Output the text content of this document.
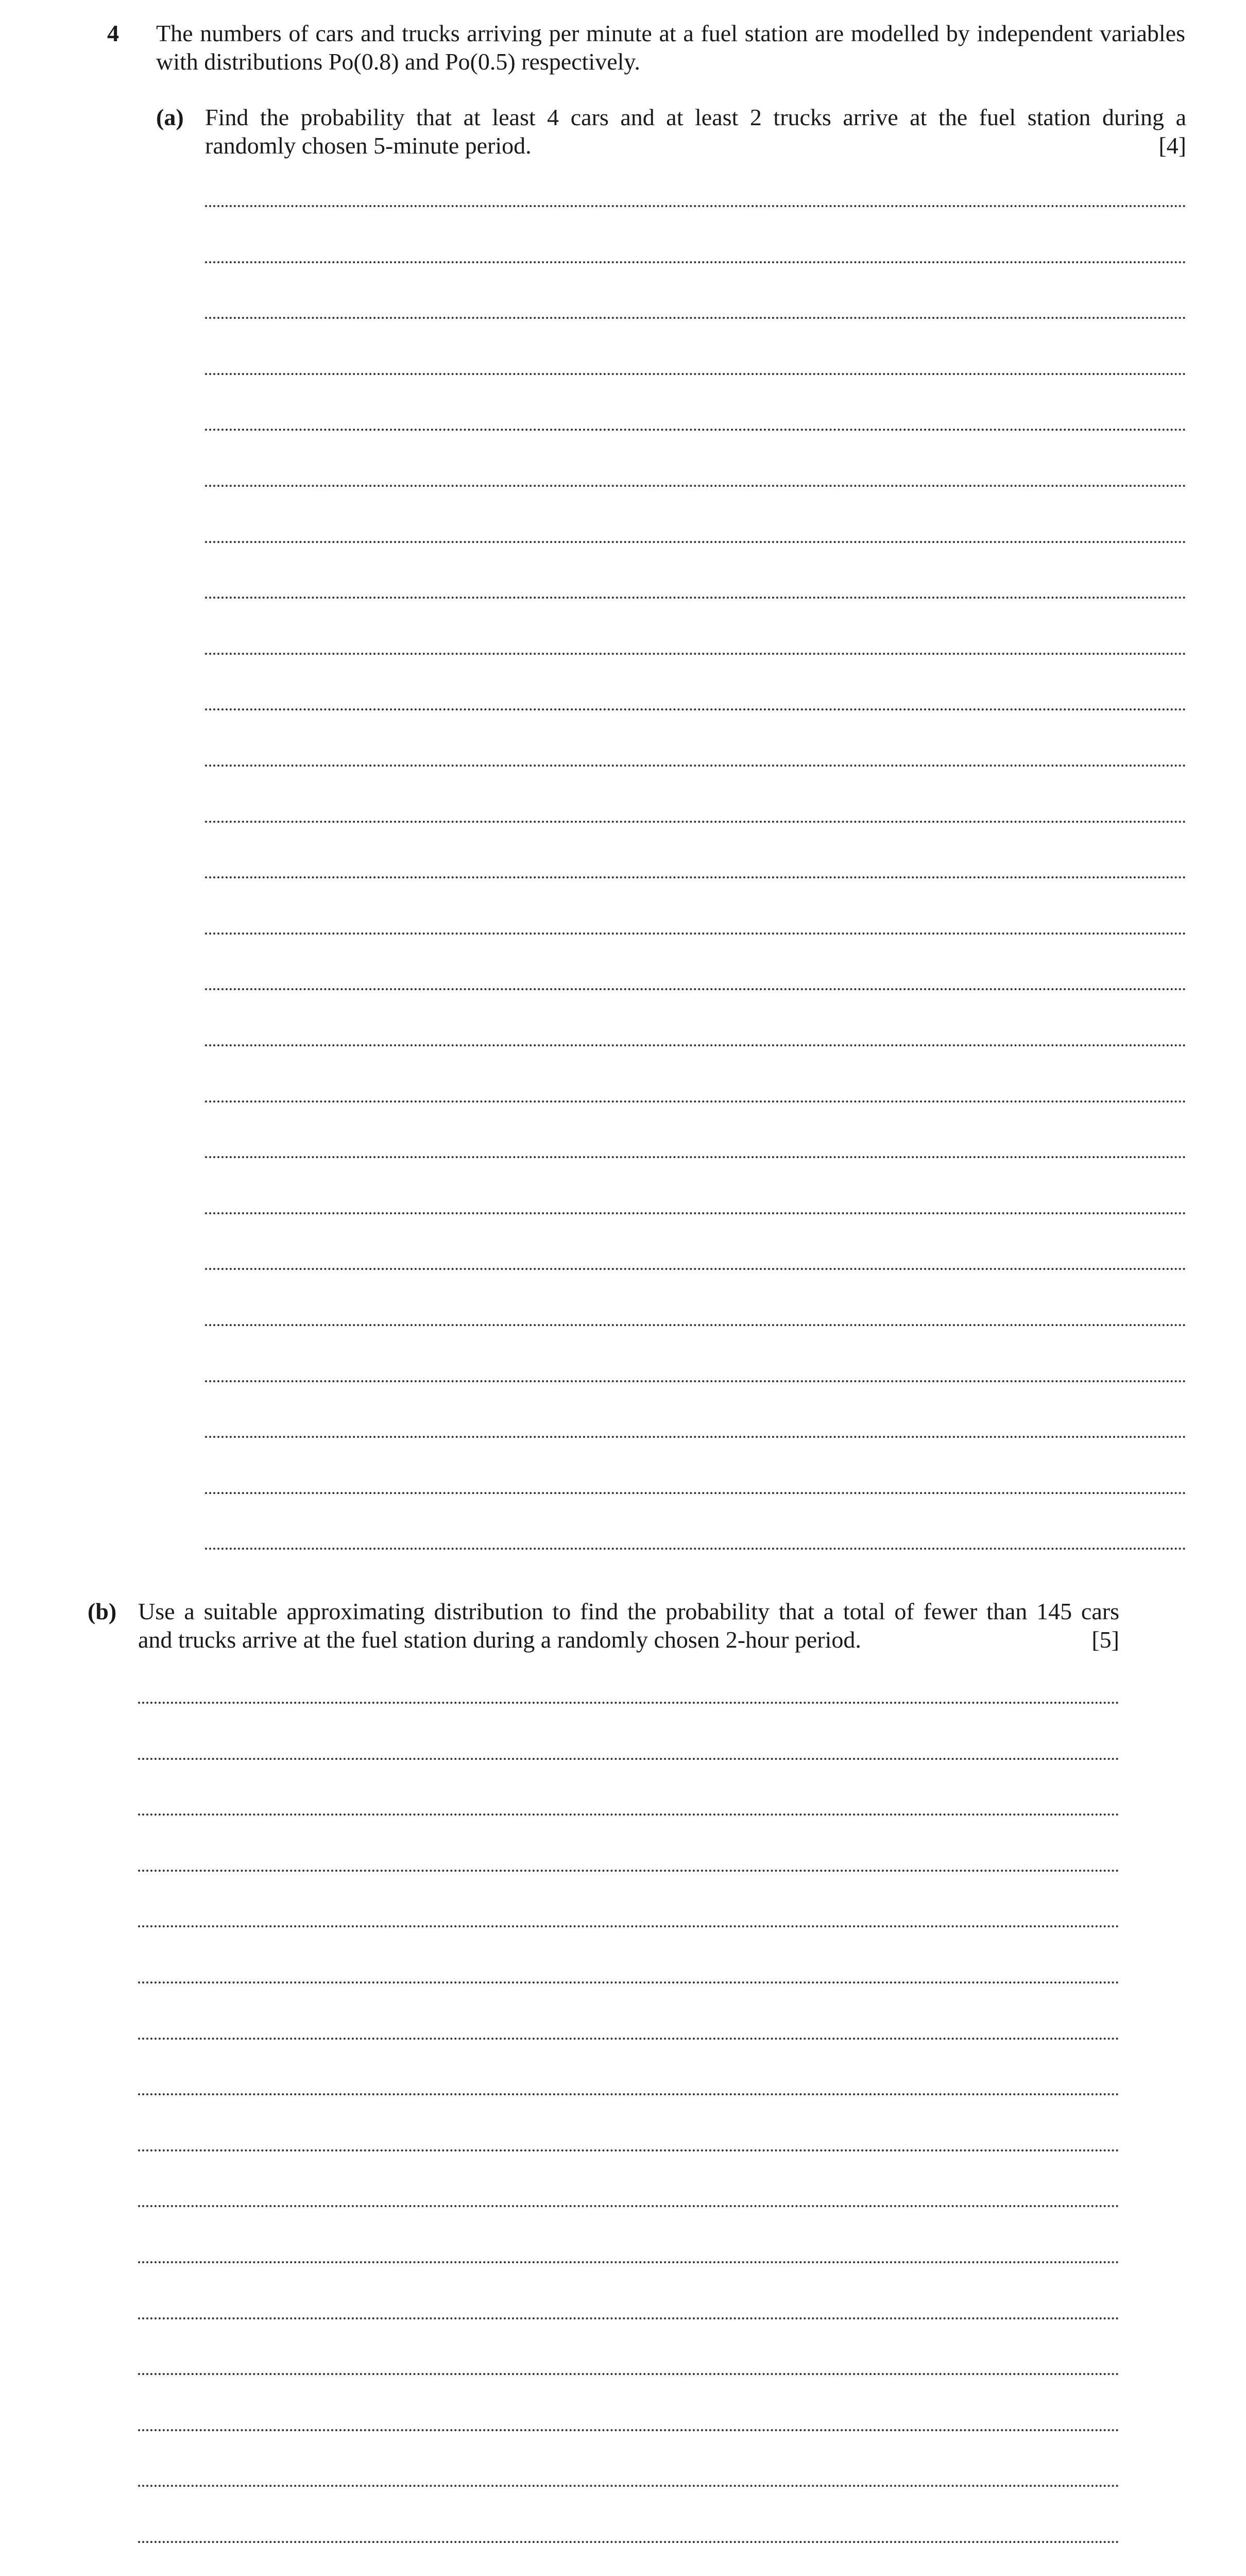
4 The numbers of cars and trucks arriving per minute at a fuel station are modelled by independent variables with distributions Po(0.8) and Po(0.5) respectively.
(a) Find the probability that at least 4 cars and at least 2 trucks arrive at the fuel station during a
randomly chosen 5-minute period.	[4]
(b) Use a suitable approximating distribution to find the probability that a total of fewer than 145 cars
and trucks arrive at the fuel station during a randomly chosen 2-hour period.	[5]
